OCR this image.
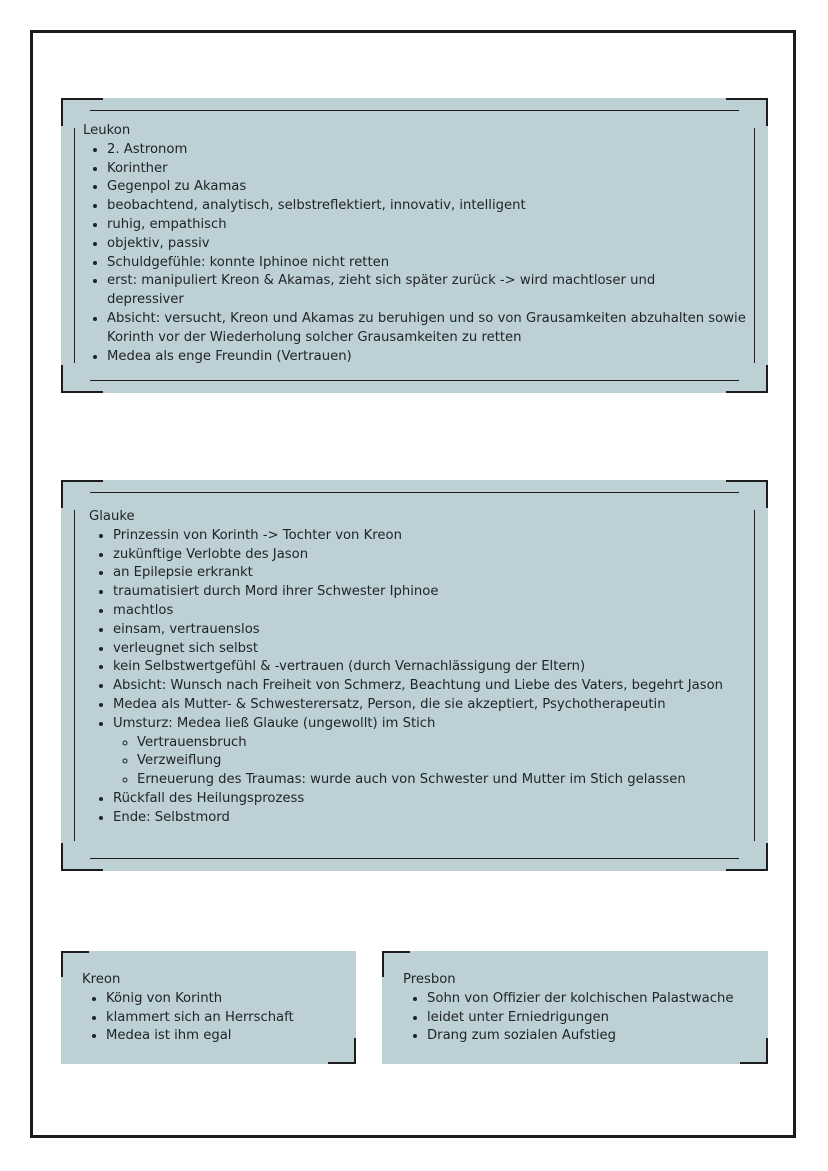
Leukon

• 2. Astronom
• Korinther
• Gegenpol zu Akamas
• beobachtend, analytisch, selbstreflektiert, innovativ, intelligent
• ruhig, empathisch
• objektiv, passiv
• Schuldgefühle: konnte Iphinoe nicht retten
• erst: manipuliert Kreon & Akamas, zieht sich später zurück -> wird machtloser und depressiver
• Absicht: versucht, Kreon und Akamas zu beruhigen und so von Grausamkeiten abzuhalten sowie Korinth vor der Wiederholung solcher Grausamkeiten zu retten
• Medea als enge Freundin (Vertrauen)

Glauke

• Prinzessin von Korinth -> Tochter von Kreon
• zukünftige Verlobte des Jason
• an Epilepsie erkrankt
• traumatisiert durch Mord ihrer Schwester Iphinoe
• machtlos
• einsam, vertrauenslos
• verleugnet sich selbst
• kein Selbstwertgefühl & -vertrauen (durch Vernachlässigung der Eltern)
• Absicht: Wunsch nach Freiheit von Schmerz, Beachtung und Liebe des Vaters, begehrt Jason
• Medea als Mutter- & Schwesterersatz, Person, die sie akzeptiert, Psychotherapeutin
• Umsturz: Medea ließ Glauke (ungewollt) im Stich
◦ Vertrauensbruch
◦ Verzweiflung
◦ Erneuerung des Traumas: wurde auch von Schwester und Mutter im Stich gelassen
• Rückfall des Heilungsprozess
• Ende: Selbstmord

Kreon

• König von Korinth
• klammert sich an Herrschaft
• Medea ist ihm egal

Presbon

• Sohn von Offizier der kolchischen Palastwache
• leidet unter Erniedrigungen
• Drang zum sozialen Aufstieg
